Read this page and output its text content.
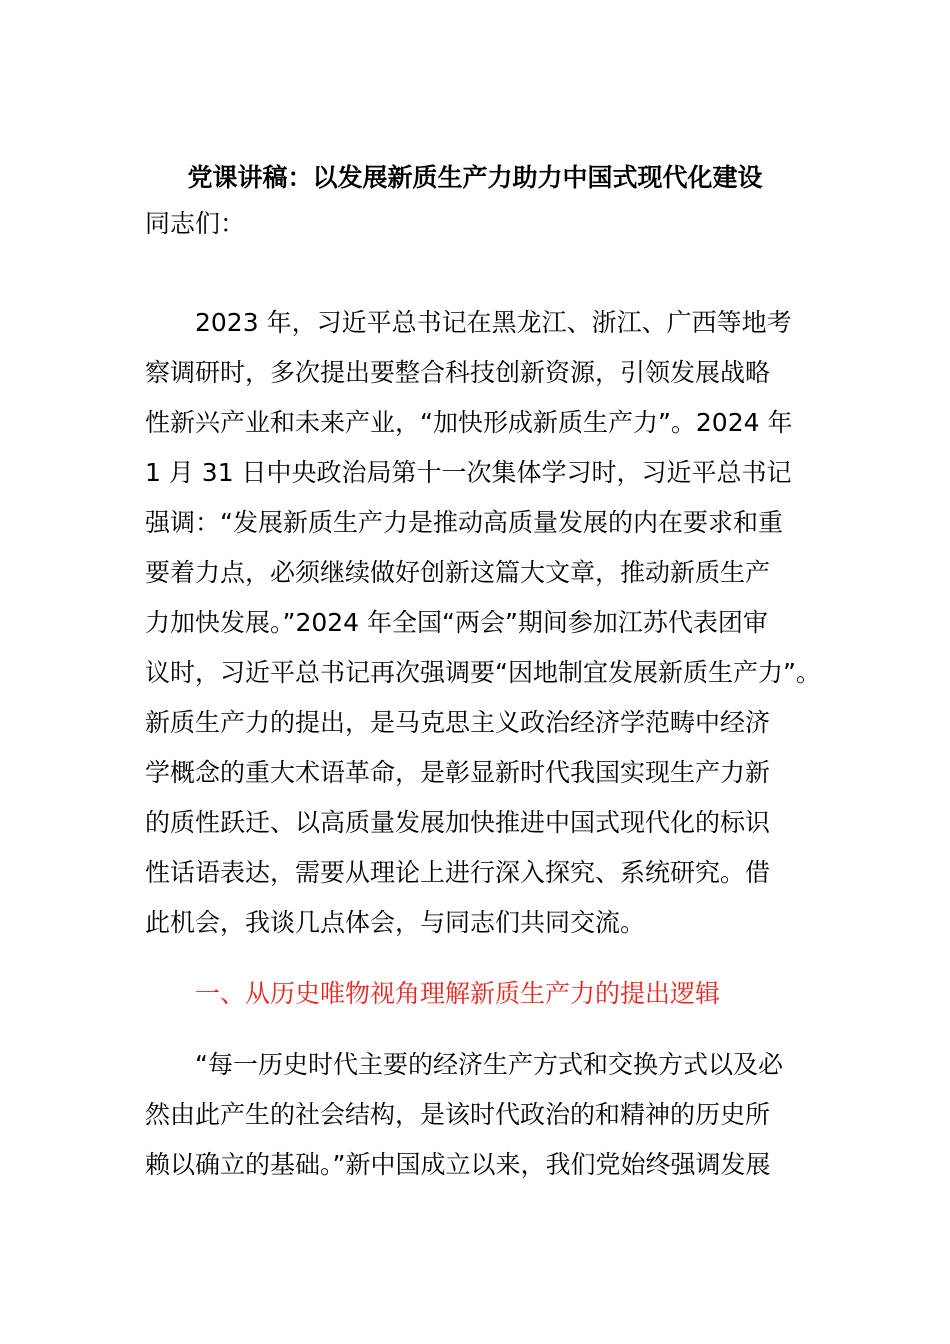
党课讲稿：以发展新质生产力助力中国式现代化建设
同志们：
2023 年，习近平总书记在黑龙江、浙江、广西等地考
察调研时，多次提出要整合科技创新资源，引领发展战略
性新兴产业和未来产业，“加快形成新质生产力”。2024 年
1 月 31 日中央政治局第十一次集体学习时，习近平总书记
强调：“发展新质生产力是推动高质量发展的内在要求和重
要着力点，必须继续做好创新这篇大文章，推动新质生产
力加快发展。”2024 年全国“两会”期间参加江苏代表团审
议时，习近平总书记再次强调要“因地制宜发展新质生产力”。
新质生产力的提出，是马克思主义政治经济学范畴中经济
学概念的重大术语革命，是彰显新时代我国实现生产力新
的质性跃迁、以高质量发展加快推进中国式现代化的标识
性话语表达，需要从理论上进行深入探究、系统研究。借
此机会，我谈几点体会，与同志们共同交流。
一、从历史唯物视角理解新质生产力的提出逻辑
“每一历史时代主要的经济生产方式和交换方式以及必
然由此产生的社会结构，是该时代政治的和精神的历史所
赖以确立的基础。”新中国成立以来，我们党始终强调发展
